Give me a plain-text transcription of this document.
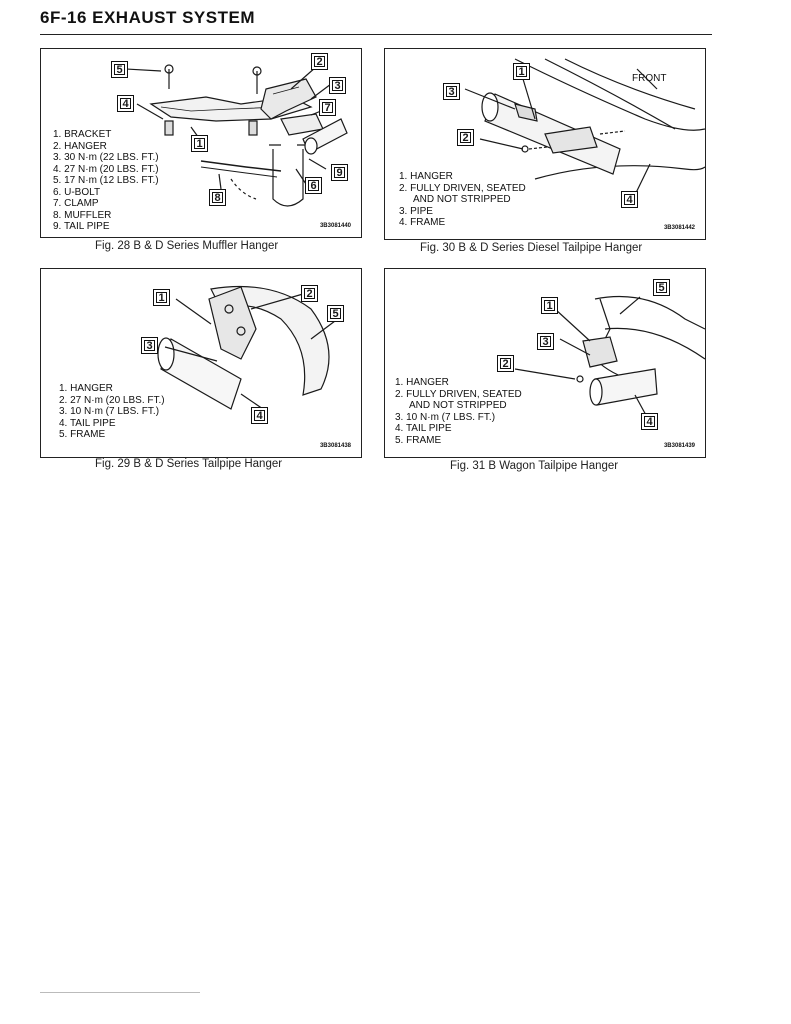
6F-16 EXHAUST SYSTEM
5
2
3
4	7
1
9
6
8
1. BRACKET
2. HANGER
3. 30 N·m (22 LBS. FT.)
4. 27 N·m (20 LBS. FT.)
5. 17 N·m (12 LBS. FT.)
6. U-BOLT
7. CLAMP
8. MUFFLER
9. TAIL PIPE	3B3081440
Fig. 28 B & D Series Muffler Hanger
FRONT
3
1
2
4
1. HANGER
2. FULLY DRIVEN, SEATED
AND NOT STRIPPED
3. PIPE
4. FRAME	3B3081442
Fig. 30 B & D Series Diesel Tailpipe Hanger
1	2
5
3
4
1. HANGER
2. 27 N·m (20 LBS. FT.)
3. 10 N·m (7 LBS. FT.)
4. TAIL PIPE
5. FRAME
3B3081438
Fig. 29 B & D Series Tailpipe Hanger
5
1
3
2
4
1. HANGER
2. FULLY DRIVEN, SEATED
AND NOT STRIPPED
3. 10 N·m (7 LBS. FT.)
4. TAIL PIPE
5. FRAME
3B3081439
Fig. 31 B Wagon Tailpipe Hanger
